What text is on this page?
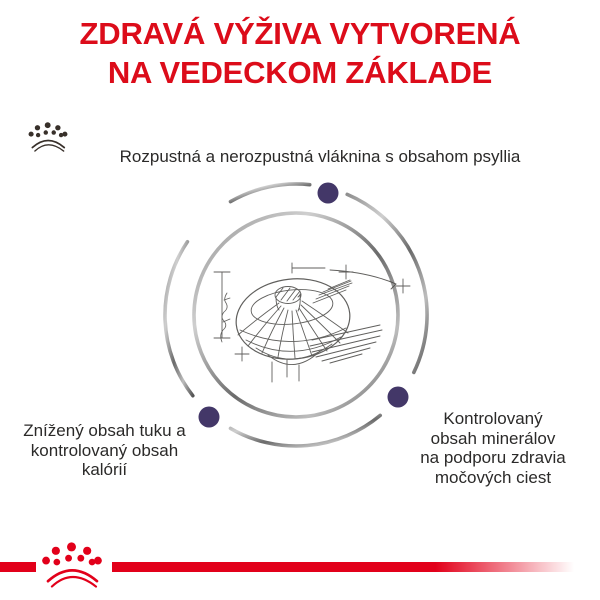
ZDRAVÁ VÝŽIVA VYTVORENÁ
NA VEDECKOM ZÁKLADE
Rozpustná a nerozpustná vláknina s obsahom psyllia
Znížený obsah tuku a
kontrolovaný obsah
kalórií
Kontrolovaný
obsah minerálov
na podporu zdravia
močových ciest
